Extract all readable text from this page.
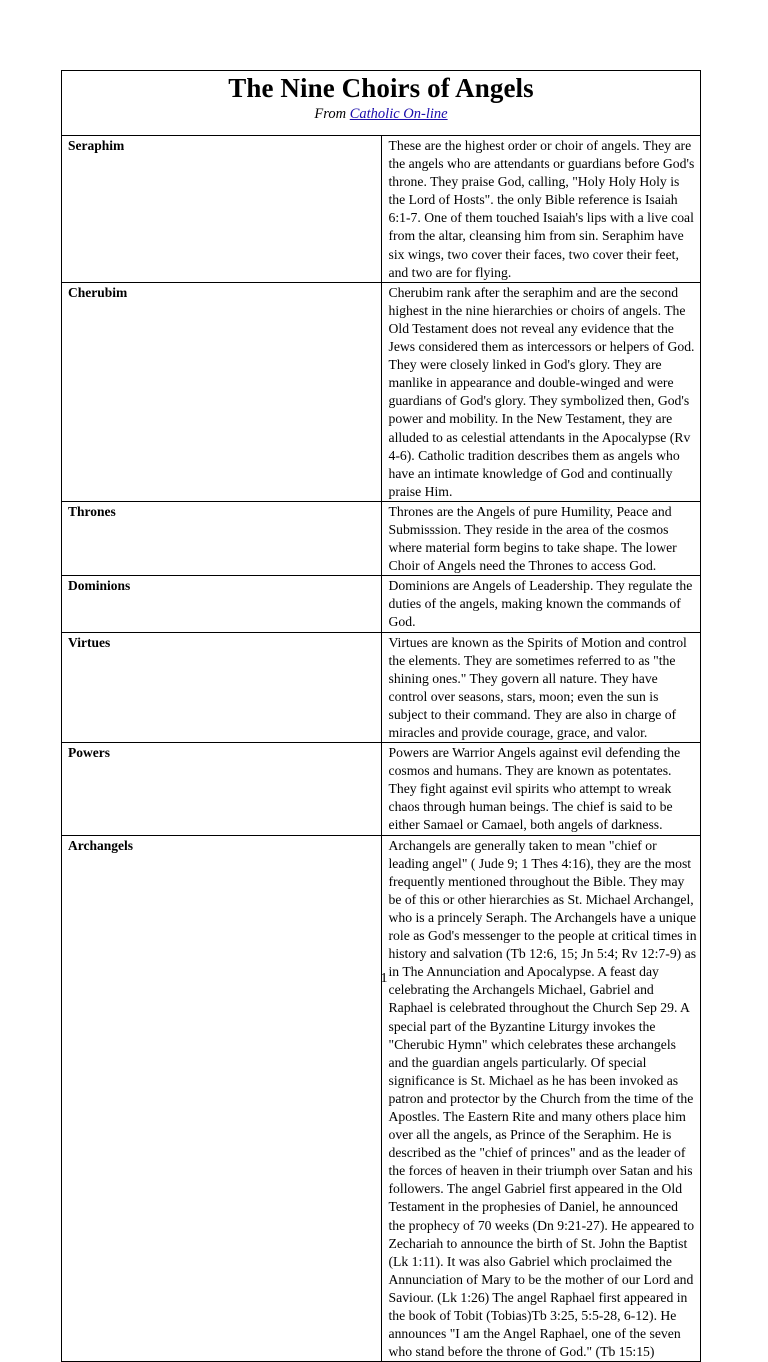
The Nine Choirs of Angels
From Catholic On-line	

Seraphim	These are the highest order or choir of angels. They are the angels who are attendants or guardians before God's throne. They praise God, calling, "Holy Holy Holy is the Lord of Hosts". the only Bible reference is Isaiah 6:1-7. One of them touched Isaiah's lips with a live coal from the altar, cleansing him from sin. Seraphim have six wings, two cover their faces, two cover their feet, and two are for flying.
Cherubim	Cherubim rank after the seraphim and are the second highest in the nine hierarchies or choirs of angels. The Old Testament does not reveal any evidence that the Jews considered them as intercessors or helpers of God. They were closely linked in God's glory. They are manlike in appearance and double-winged and were guardians of God's glory. They symbolized then, God's power and mobility. In the New Testament, they are alluded to as celestial attendants in the Apocalypse (Rv 4-6). Catholic tradition describes them as angels who have an intimate knowledge of God and continually praise Him.
Thrones	Thrones are the Angels of pure Humility, Peace and Submisssion. They reside in the area of the cosmos where material form begins to take shape. The lower Choir of Angels need the Thrones to access God.
Dominions	Dominions are Angels of Leadership. They regulate the duties of the angels, making known the commands of God.
Virtues	Virtues are known as the Spirits of Motion and control the elements. They are sometimes referred to as "the shining ones." They govern all nature. They have control over seasons, stars, moon; even the sun is subject to their command. They are also in charge of miracles and provide courage, grace, and valor.
Powers	Powers are Warrior Angels against evil defending the cosmos and humans. They are known as potentates. They fight against evil spirits who attempt to wreak chaos through human beings. The chief is said to be either Samael or Camael, both angels of darkness.
Archangels	Archangels are generally taken to mean "chief or leading angel" ( Jude 9; 1 Thes 4:16), they are the most frequently mentioned throughout the Bible. They may be of this or other hierarchies as St. Michael Archangel, who is a princely Seraph. The Archangels have a unique role as God's messenger to the people at critical times in history and salvation (Tb 12:6, 15; Jn 5:4; Rv 12:7-9) as in The Annunciation and Apocalypse. A feast day celebrating the Archangels Michael, Gabriel and Raphael is celebrated throughout the Church Sep 29. A special part of the Byzantine Liturgy invokes the "Cherubic Hymn" which celebrates these archangels and the guardian angels particularly. Of special significance is St. Michael as he has been invoked as patron and protector by the Church from the time of the Apostles. The Eastern Rite and many others place him over all the angels, as Prince of the Seraphim. He is described as the "chief of princes" and as the leader of the forces of heaven in their triumph over Satan and his followers. The angel Gabriel first appeared in the Old Testament in the prophesies of Daniel, he announced the prophecy of 70 weeks (Dn 9:21-27). He appeared to Zechariah to announce the birth of St. John the Baptist (Lk 1:11). It was also Gabriel which proclaimed the Annunciation of Mary to be the mother of our Lord and Saviour. (Lk 1:26) The angel Raphael first appeared in the book of Tobit (Tobias)Tb 3:25, 5:5-28, 6-12). He announces "I am the Angel Raphael, one of the seven who stand before the throne of God." (Tb 15:15)
1
